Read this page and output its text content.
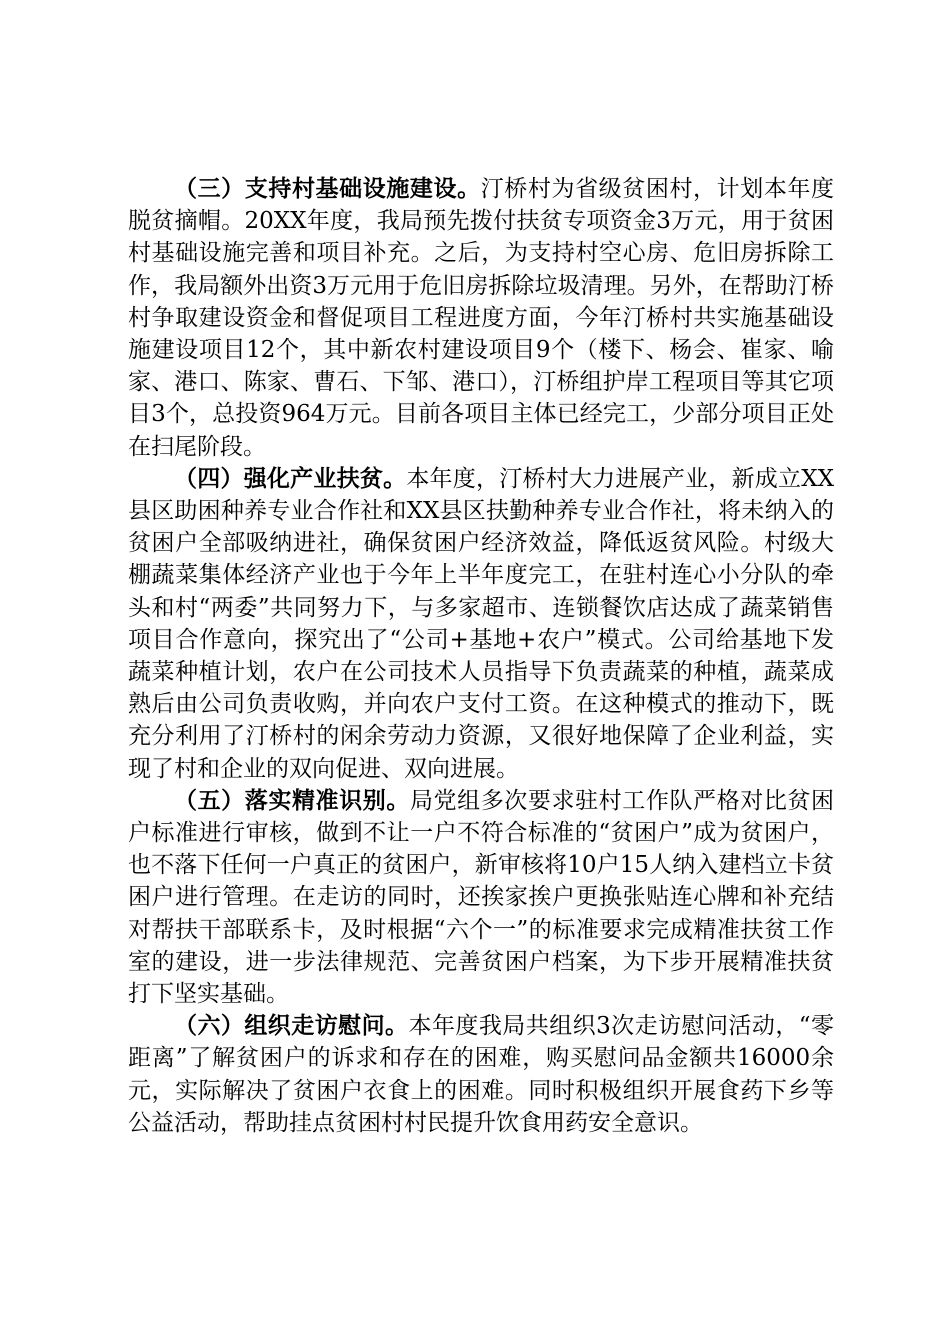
（三）支持村基础设施建设。汀桥村为省级贫困村，计划本年度脱贫摘帽。20XX年度，我局预先拨付扶贫专项资金3万元，用于贫困村基础设施完善和项目补充。之后，为支持村空心房、危旧房拆除工作，我局额外出资3万元用于危旧房拆除垃圾清理。另外，在帮助汀桥村争取建设资金和督促项目工程进度方面，今年汀桥村共实施基础设施建设项目12个，其中新农村建设项目9个（楼下、杨会、崔家、喻家、港口、陈家、曹石、下邹、港口），汀桥组护岸工程项目等其它项目3个，总投资964万元。目前各项目主体已经完工，少部分项目正处在扫尾阶段。

（四）强化产业扶贫。本年度，汀桥村大力进展产业，新成立XX县区助困种养专业合作社和XX县区扶勤种养专业合作社，将未纳入的贫困户全部吸纳进社，确保贫困户经济效益，降低返贫风险。村级大棚蔬菜集体经济产业也于今年上半年度完工，在驻村连心小分队的牵头和村“两委”共同努力下，与多家超市、连锁餐饮店达成了蔬菜销售项目合作意向，探究出了“公司+基地+农户”模式。公司给基地下发蔬菜种植计划，农户在公司技术人员指导下负责蔬菜的种植，蔬菜成熟后由公司负责收购，并向农户支付工资。在这种模式的推动下，既充分利用了汀桥村的闲余劳动力资源，又很好地保障了企业利益，实现了村和企业的双向促进、双向进展。

（五）落实精准识别。局党组多次要求驻村工作队严格对比贫困户标准进行审核，做到不让一户不符合标准的“贫困户”成为贫困户，也不落下任何一户真正的贫困户，新审核将10户15人纳入建档立卡贫困户进行管理。在走访的同时，还挨家挨户更换张贴连心牌和补充结对帮扶干部联系卡，及时根据“六个一”的标准要求完成精准扶贫工作室的建设，进一步法律规范、完善贫困户档案，为下步开展精准扶贫打下坚实基础。

（六）组织走访慰问。本年度我局共组织3次走访慰问活动，“零距离”了解贫困户的诉求和存在的困难，购买慰问品金额共16000余元，实际解决了贫困户衣食上的困难。同时积极组织开展食药下乡等公益活动，帮助挂点贫困村村民提升饮食用药安全意识。
